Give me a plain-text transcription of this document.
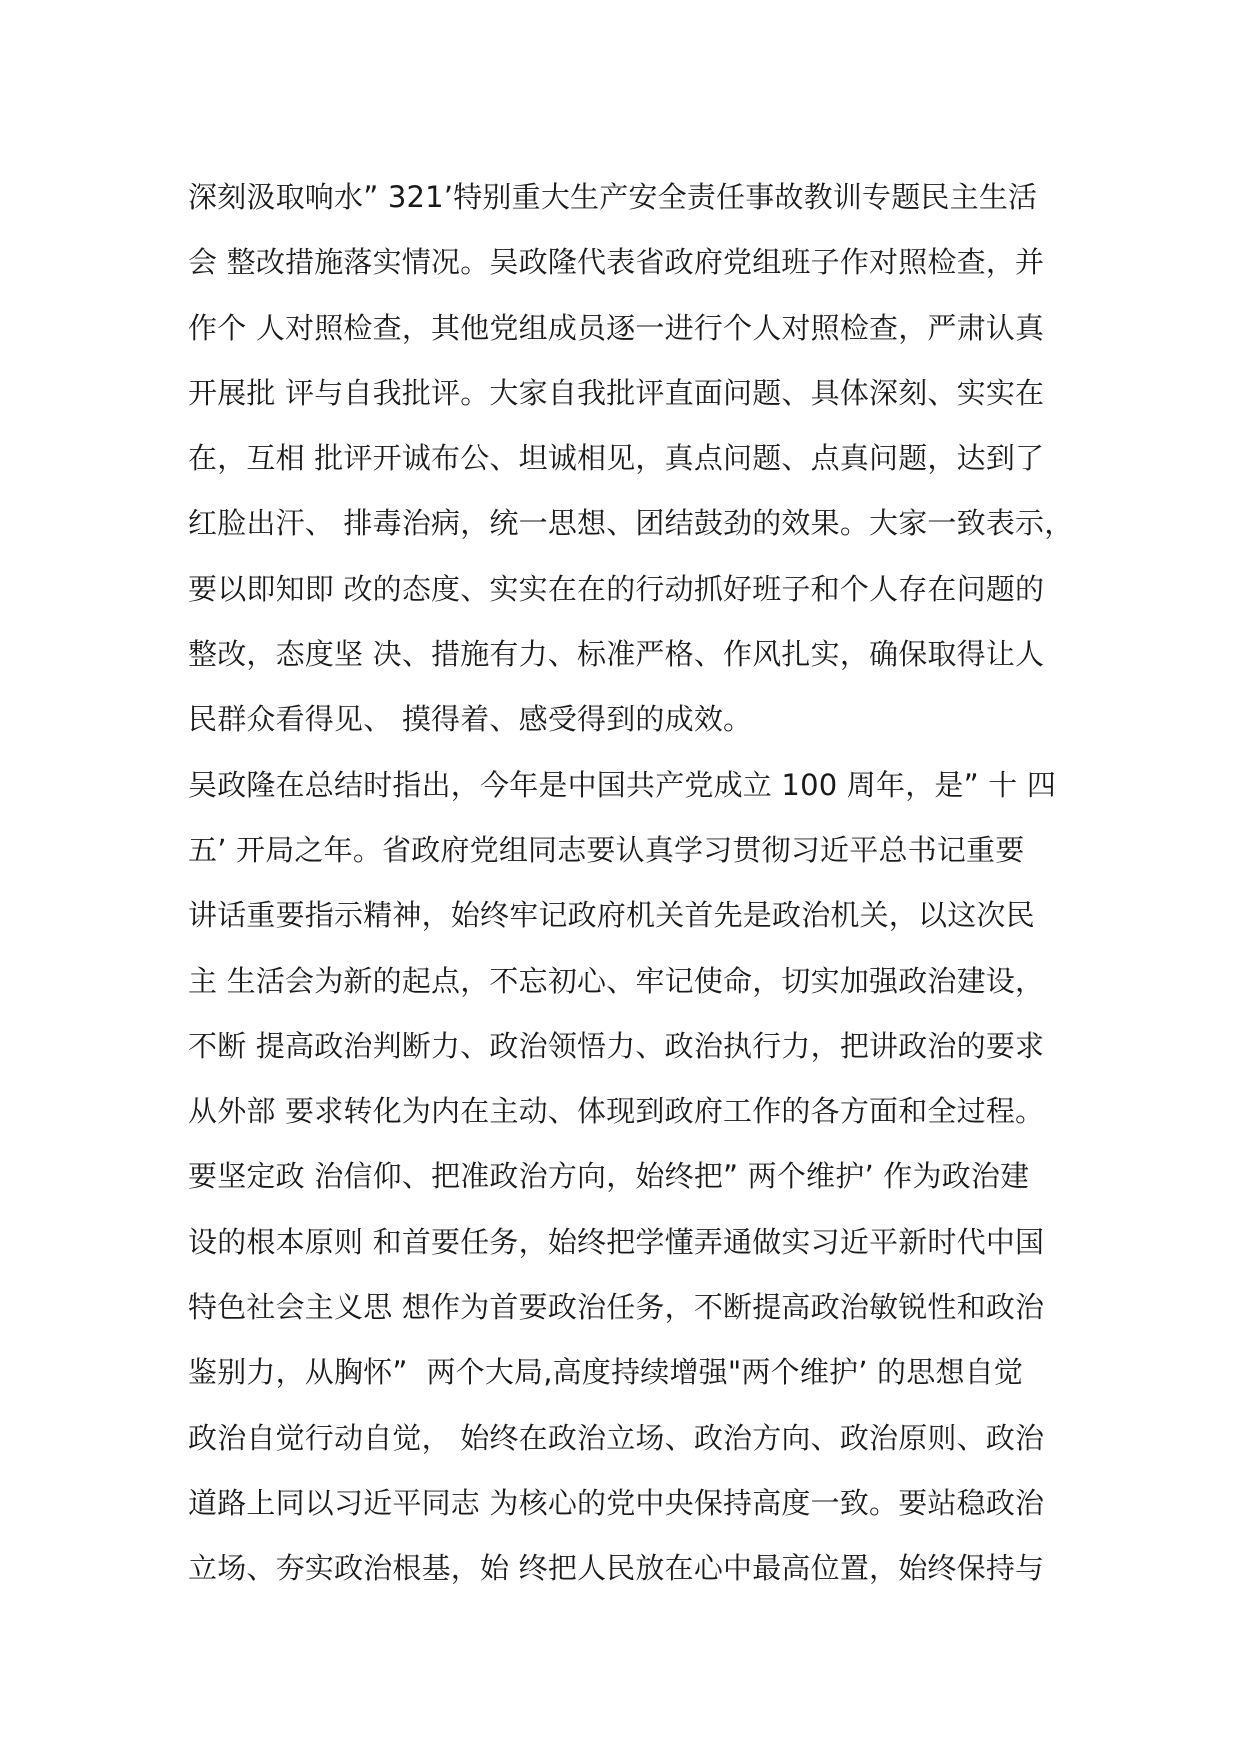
深刻汲取响水” 321’特别重大生产安全责任事故教训专题民主生活
会 整改措施落实情况。吴政隆代表省政府党组班子作对照检查，并
作个 人对照检查，其他党组成员逐一进行个人对照检查，严肃认真
开展批 评与自我批评。大家自我批评直面问题、具体深刻、实实在
在，互相 批评开诚布公、坦诚相见，真点问题、点真问题，达到了
红脸出汗、 排毒治病，统一思想、团结鼓劲的效果。大家一致表示，
要以即知即 改的态度、实实在在的行动抓好班子和个人存在问题的
整改，态度坚 决、措施有力、标准严格、作风扎实，确保取得让人
民群众看得见、 摸得着、感受得到的成效。
吴政隆在总结时指出，今年是中国共产党成立 100 周年，是” 十 四
五’ 开局之年。省政府党组同志要认真学习贯彻习近平总书记重要
讲话重要指示精神，始终牢记政府机关首先是政治机关，以这次民
主 生活会为新的起点，不忘初心、牢记使命，切实加强政治建设，
不断 提高政治判断力、政治领悟力、政治执行力，把讲政治的要求
从外部 要求转化为内在主动、体现到政府工作的各方面和全过程。
要坚定政 治信仰、把准政治方向，始终把” 两个维护’ 作为政治建
设的根本原则 和首要任务，始终把学懂弄通做实习近平新时代中国
特色社会主义思 想作为首要政治任务，不断提高政治敏锐性和政治
鉴别力，从胸怀”  两个大局,高度持续增强"两个维护’ 的思想自觉
政治自觉行动自觉， 始终在政治立场、政治方向、政治原则、政治
道路上同以习近平同志 为核心的党中央保持高度一致。要站稳政治
立场、夯实政治根基，始 终把人民放在心中最高位置，始终保持与
